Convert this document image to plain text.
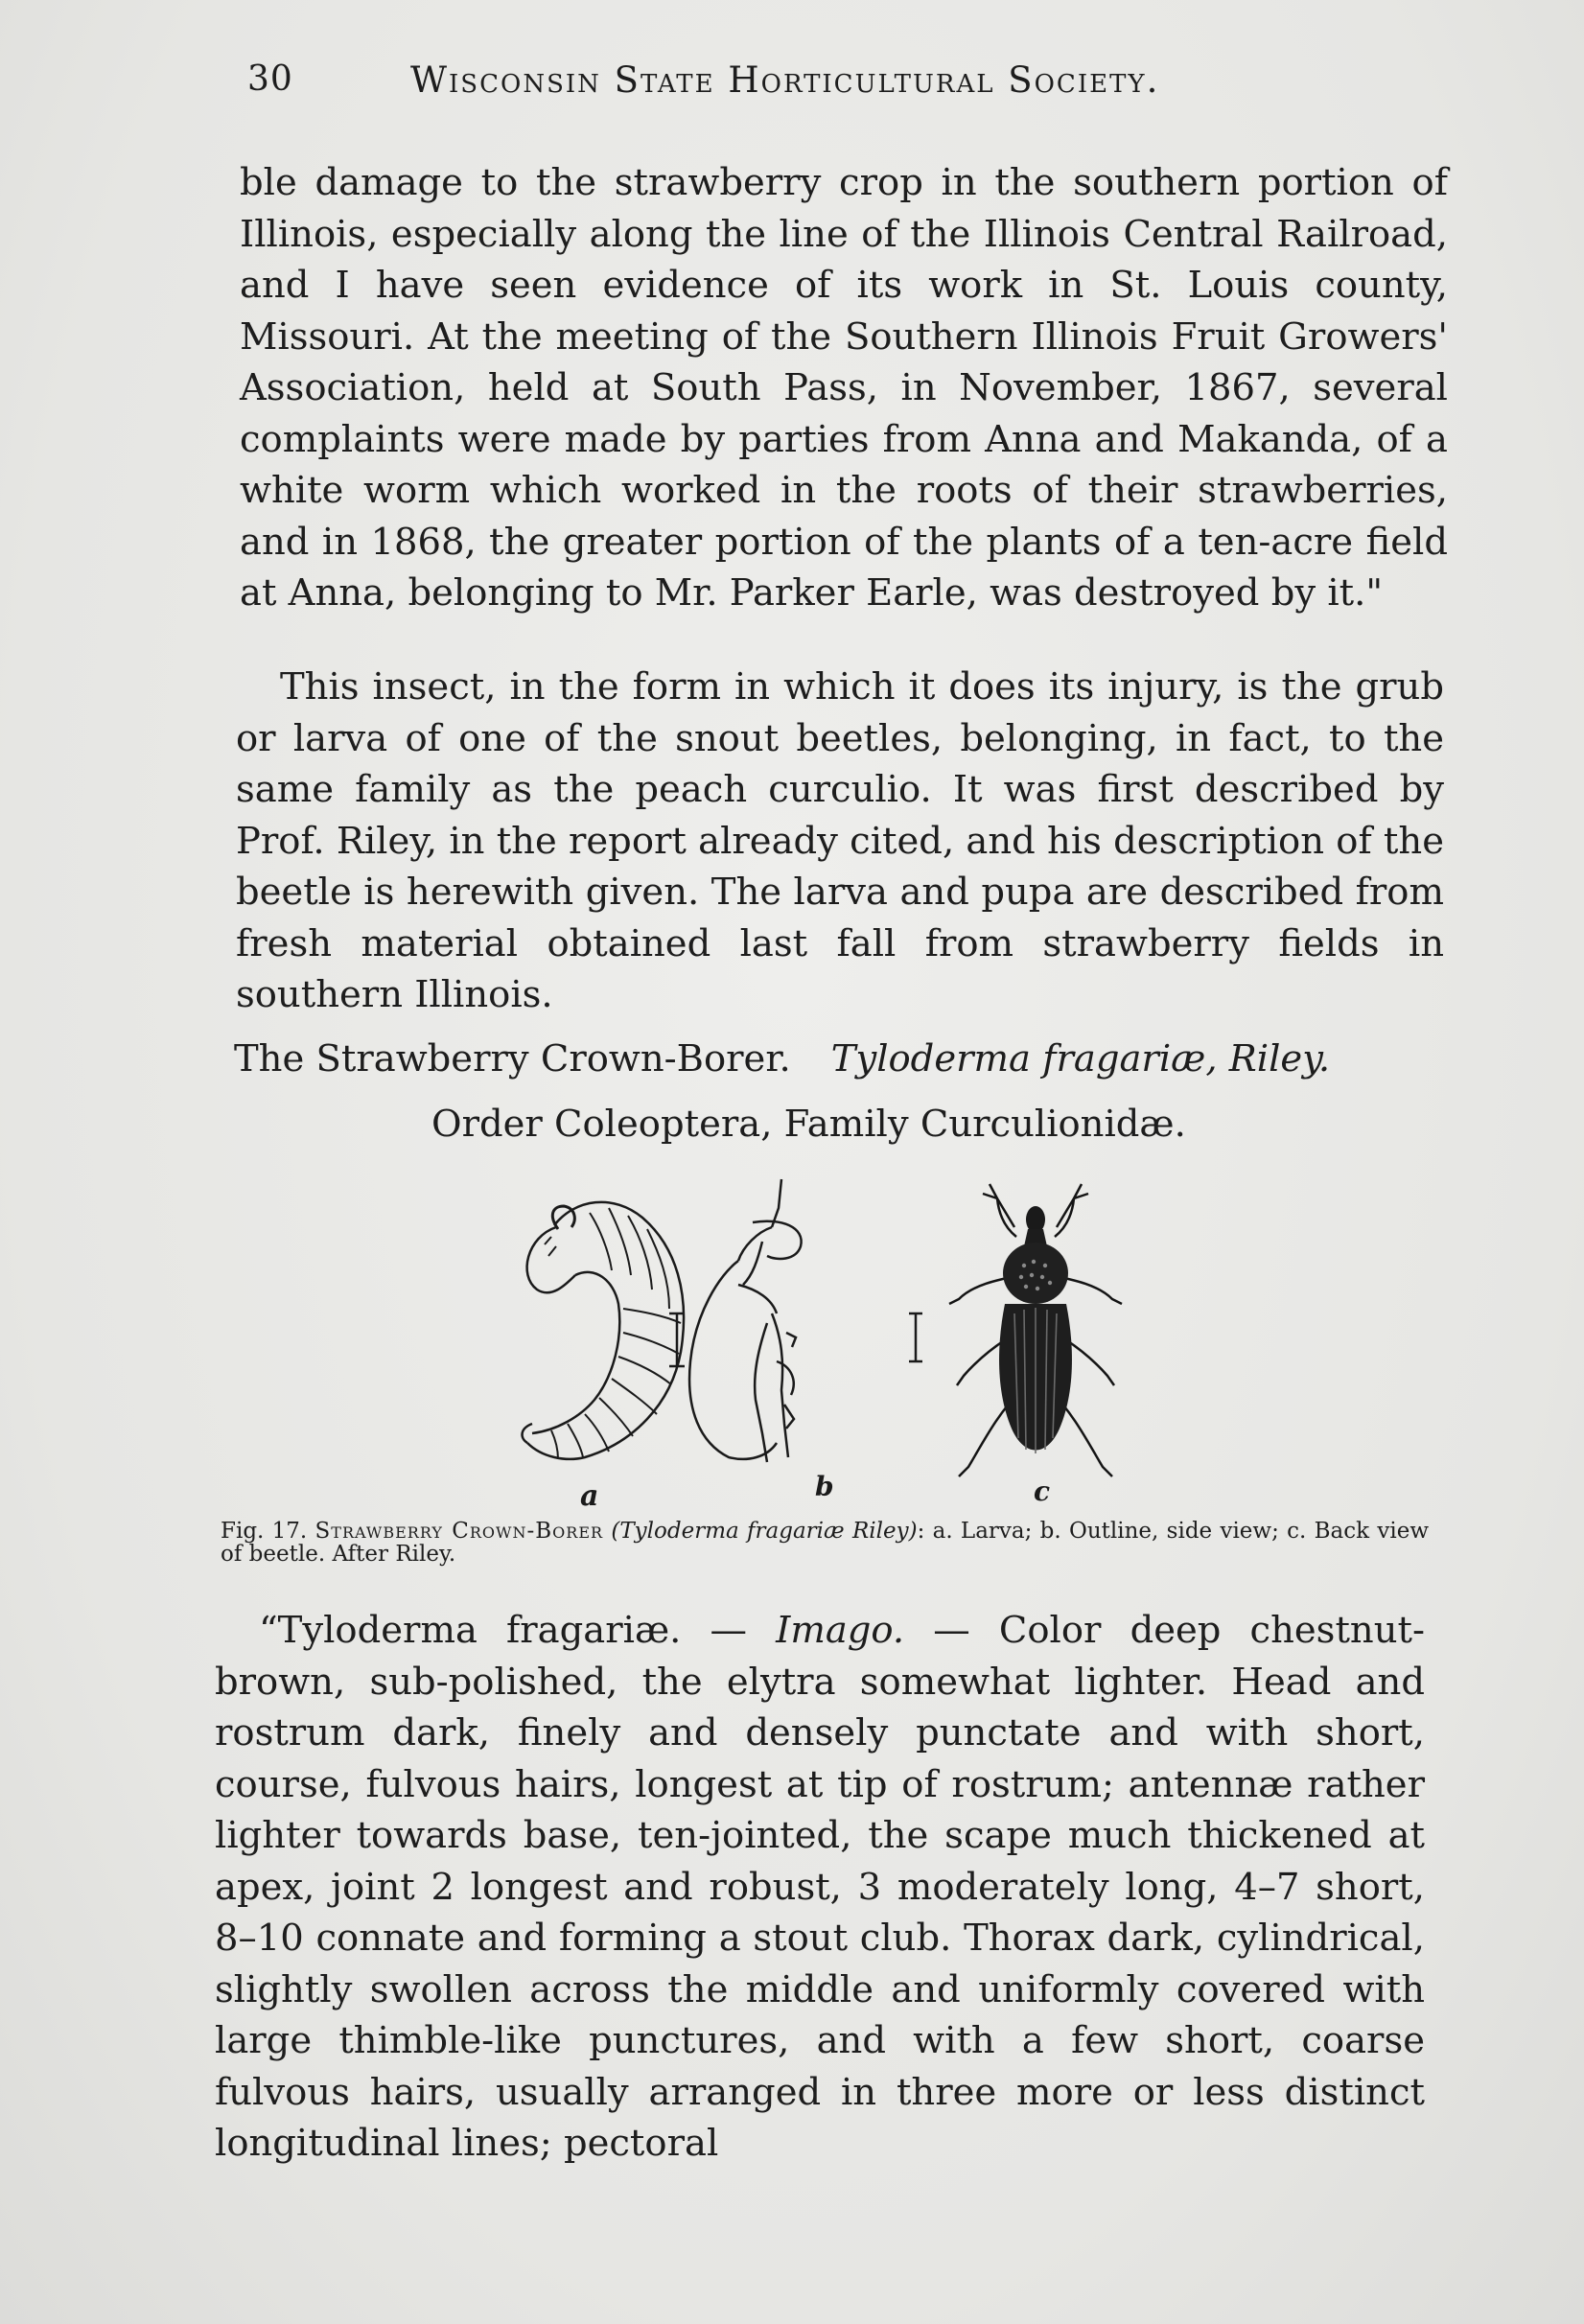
30	Wisconsin State Horticultural Society.

ble damage to the strawberry crop in the southern portion of Illinois, especially along the line of the Illinois Central Railroad, and I have seen evidence of its work in St. Louis county, Missouri. At the meeting of the Southern Illinois Fruit Growers' Association, held at South Pass, in November, 1867, several complaints were made by parties from Anna and Makanda, of a white worm which worked in the roots of their strawberries, and in 1868, the greater portion of the plants of a ten-acre field at Anna, belonging to Mr. Parker Earle, was destroyed by it."

This insect, in the form in which it does its injury, is the grub or larva of one of the snout beetles, belonging, in fact, to the same family as the peach curculio. It was first described by Prof. Riley, in the report already cited, and his description of the beetle is herewith given. The larva and pupa are described from fresh material obtained last fall from strawberry fields in southern Illinois.

The Strawberry Crown-Borer. Tyloderma fragariæ, Riley.
Order Coleoptera, Family Curculionidæ.
a	b	c
Fig. 17. Strawberry Crown-Borer (Tyloderma fragariæ Riley): a. Larva; b. Outline, side view; c. Back view of beetle. After Riley.

“Tyloderma fragariæ. — Imago. — Color deep chestnut-brown, sub-polished, the elytra somewhat lighter. Head and rostrum dark, finely and densely punctate and with short, course, fulvous hairs, longest at tip of rostrum; antennæ rather lighter towards base, ten-jointed, the scape much thickened at apex, joint 2 longest and robust, 3 moderately long, 4–7 short, 8–10 connate and forming a stout club. Thorax dark, cylindrical, slightly swollen across the middle and uniformly covered with large thimble-like punctures, and with a few short, coarse fulvous hairs, usually arranged in three more or less distinct longitudinal lines; pectoral
